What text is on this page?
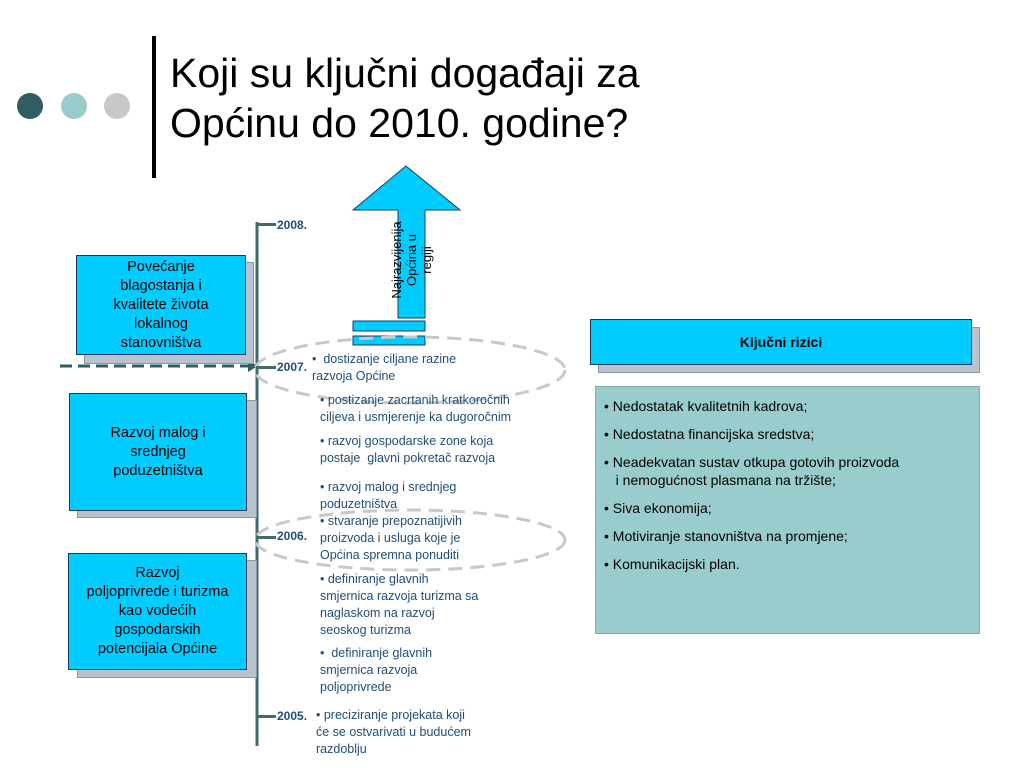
Koji su ključni događaji za
Općinu do 2010. godine?
Najrazvijenija
Općina u
regiji
2008.
2007.
2006.
2005.
Povećanje
blagostanja i
kvalitete života
lokalnog
stanovništva
Razvoj malog i
srednjeg
poduzetništva
Razvoj
poljoprivrede i turizma
kao vodećih
gospodarskih
potencijala Općine
•  dostizanje ciljane razine
razvoja Općine
• postizanje zacrtanih kratkoročnih
ciljeva i usmjerenje ka dugoročnim
• razvoj gospodarske zone koja
postaje  glavni pokretač razvoja
• razvoj malog i srednjeg
poduzetništva
• stvaranje prepoznatijivih
proizvoda i usluga koje je
Općina spremna ponuditi
• definiranje glavnih
smjernica razvoja turizma sa
naglaskom na razvoj
seoskog turizma
•  definiranje glavnih
smjernica razvoja
poljoprivrede
• preciziranje projekata koji
će se ostvarivati u budućem
razdoblju
Ključni rizici
• Nedostatak kvalitetnih kadrova;
• Nedostatna financijska sredstva;
• Neadekvatan sustav otkupa gotovih proizvoda
i nemogućnost plasmana na tržište;
• Siva ekonomija;
• Motiviranje stanovništva na promjene;
• Komunikacijski plan.
